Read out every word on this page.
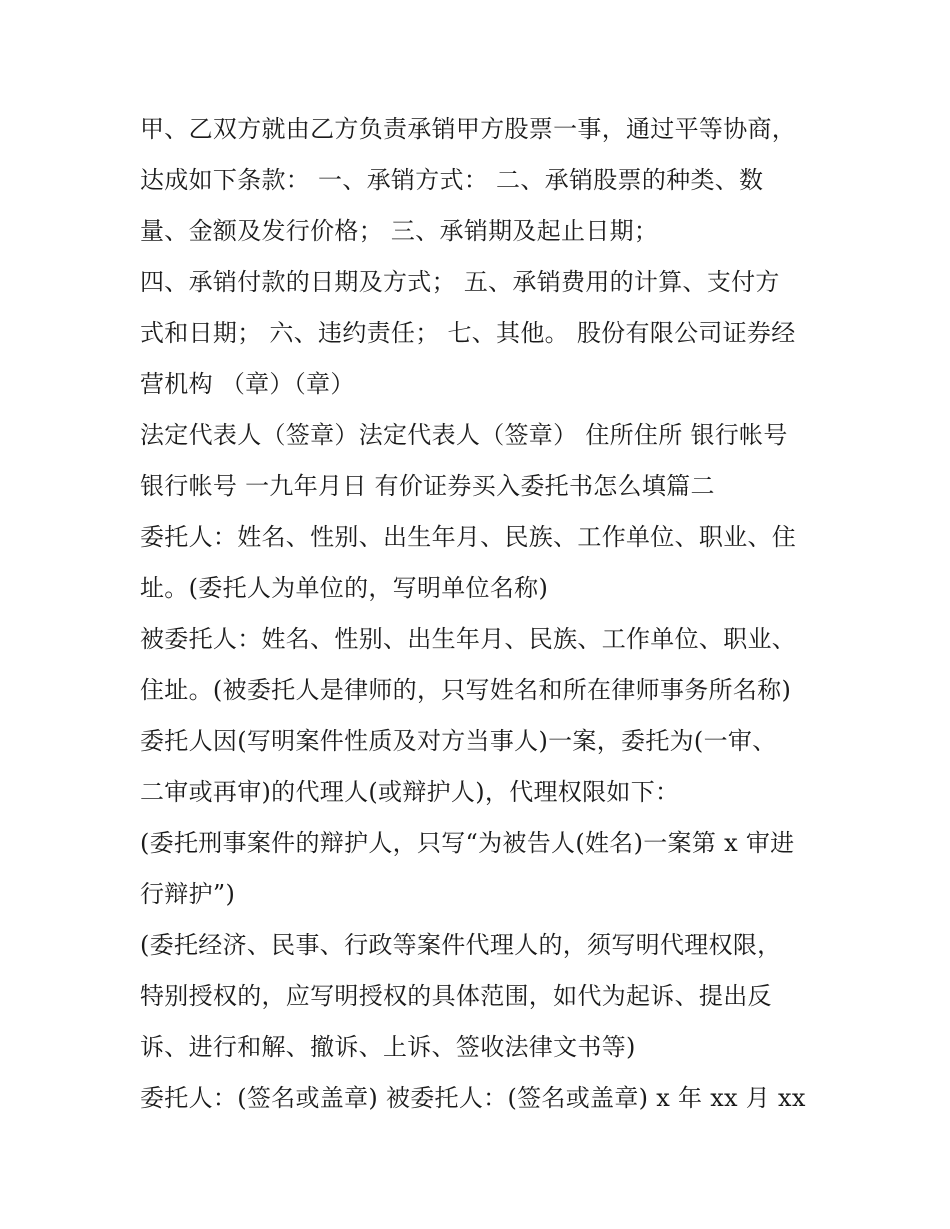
甲、乙双方就由乙方负责承销甲方股票一事，通过平等协商，
达成如下条款： 一、承销方式： 二、承销股票的种类、数
量、金额及发行价格； 三、承销期及起止日期；
四、承销付款的日期及方式； 五、承销费用的计算、支付方
式和日期； 六、违约责任； 七、其他。 股份有限公司证券经
营机构 （章）（章）
法定代表人（签章）法定代表人（签章） 住所住所 银行帐号
银行帐号 一九年月日 有价证券买入委托书怎么填篇二
委托人：姓名、性别、出生年月、民族、工作单位、职业、住
址。(委托人为单位的，写明单位名称)
被委托人：姓名、性别、出生年月、民族、工作单位、职业、
住址。(被委托人是律师的，只写姓名和所在律师事务所名称)
委托人因(写明案件性质及对方当事人)一案，委托为(一审、
二审或再审)的代理人(或辩护人)，代理权限如下：
(委托刑事案件的辩护人，只写“为被告人(姓名)一案第 x 审进
行辩护”)
(委托经济、民事、行政等案件代理人的，须写明代理权限，
特别授权的，应写明授权的具体范围，如代为起诉、提出反
诉、进行和解、撤诉、上诉、签收法律文书等)
委托人：(签名或盖章) 被委托人：(签名或盖章) x 年 xx 月 xx
